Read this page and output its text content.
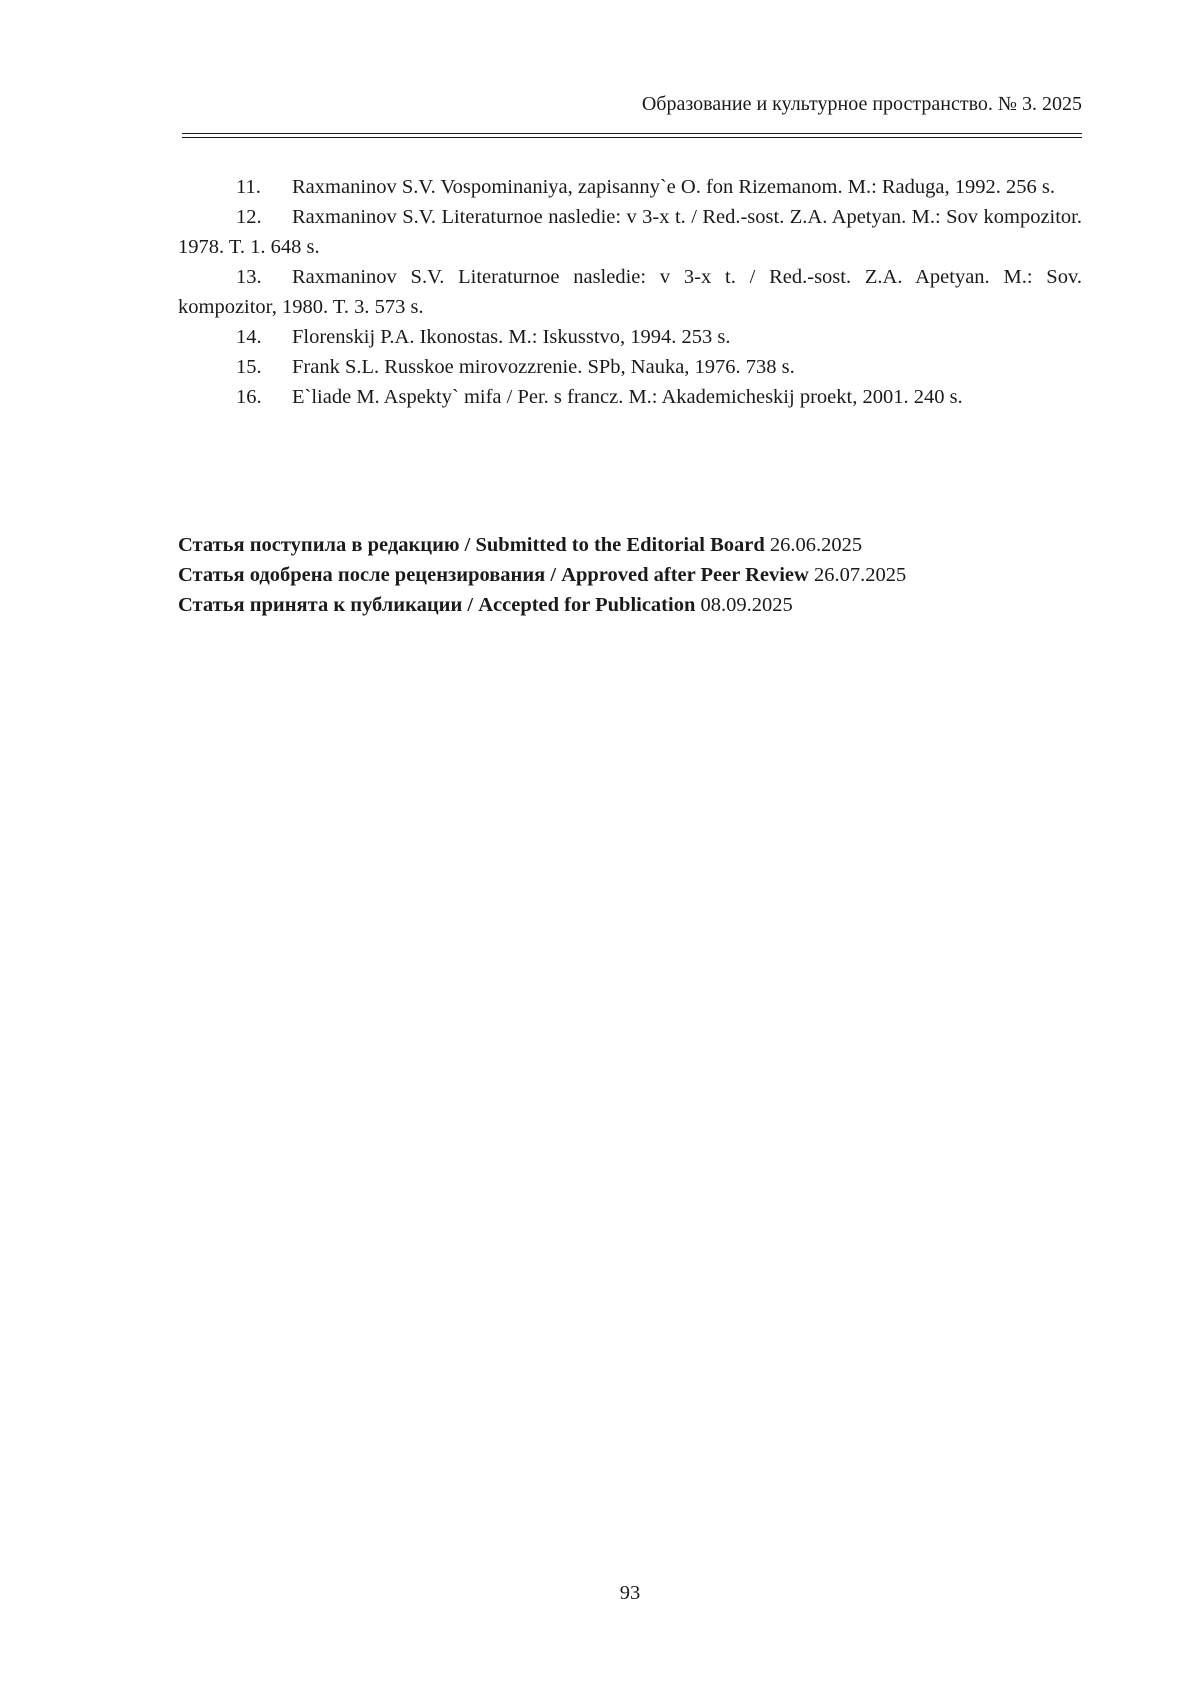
Образование и культурное пространство. № 3. 2025

11. Raxmaninov S.V. Vospominaniya, zapisanny`e O. fon Rizemanom. M.: Raduga, 1992. 256 s.

12. Raxmaninov S.V. Literaturnoe nasledie: v 3-x t. / Red.-sost. Z.A. Apetyan. M.: Sov kompozitor. 1978. T. 1. 648 s.

13. Raxmaninov S.V. Literaturnoe nasledie: v 3-x t. / Red.-sost. Z.A. Apetyan. M.: Sov. kompozitor, 1980. T. 3. 573 s.

14. Florenskij P.A. Ikonostas. M.: Iskusstvo, 1994. 253 s.

15. Frank S.L. Russkoe mirovozzrenie. SPb, Nauka, 1976. 738 s.

16. E`liade M. Aspekty` mifa / Per. s francz. M.: Akademicheskij proekt, 2001. 240 s.

Статья поступила в редакцию / Submitted to the Editorial Board 26.06.2025

Статья одобрена после рецензирования / Approved after Peer Review 26.07.2025

Статья принята к публикации / Accepted for Publication 08.09.2025

93
